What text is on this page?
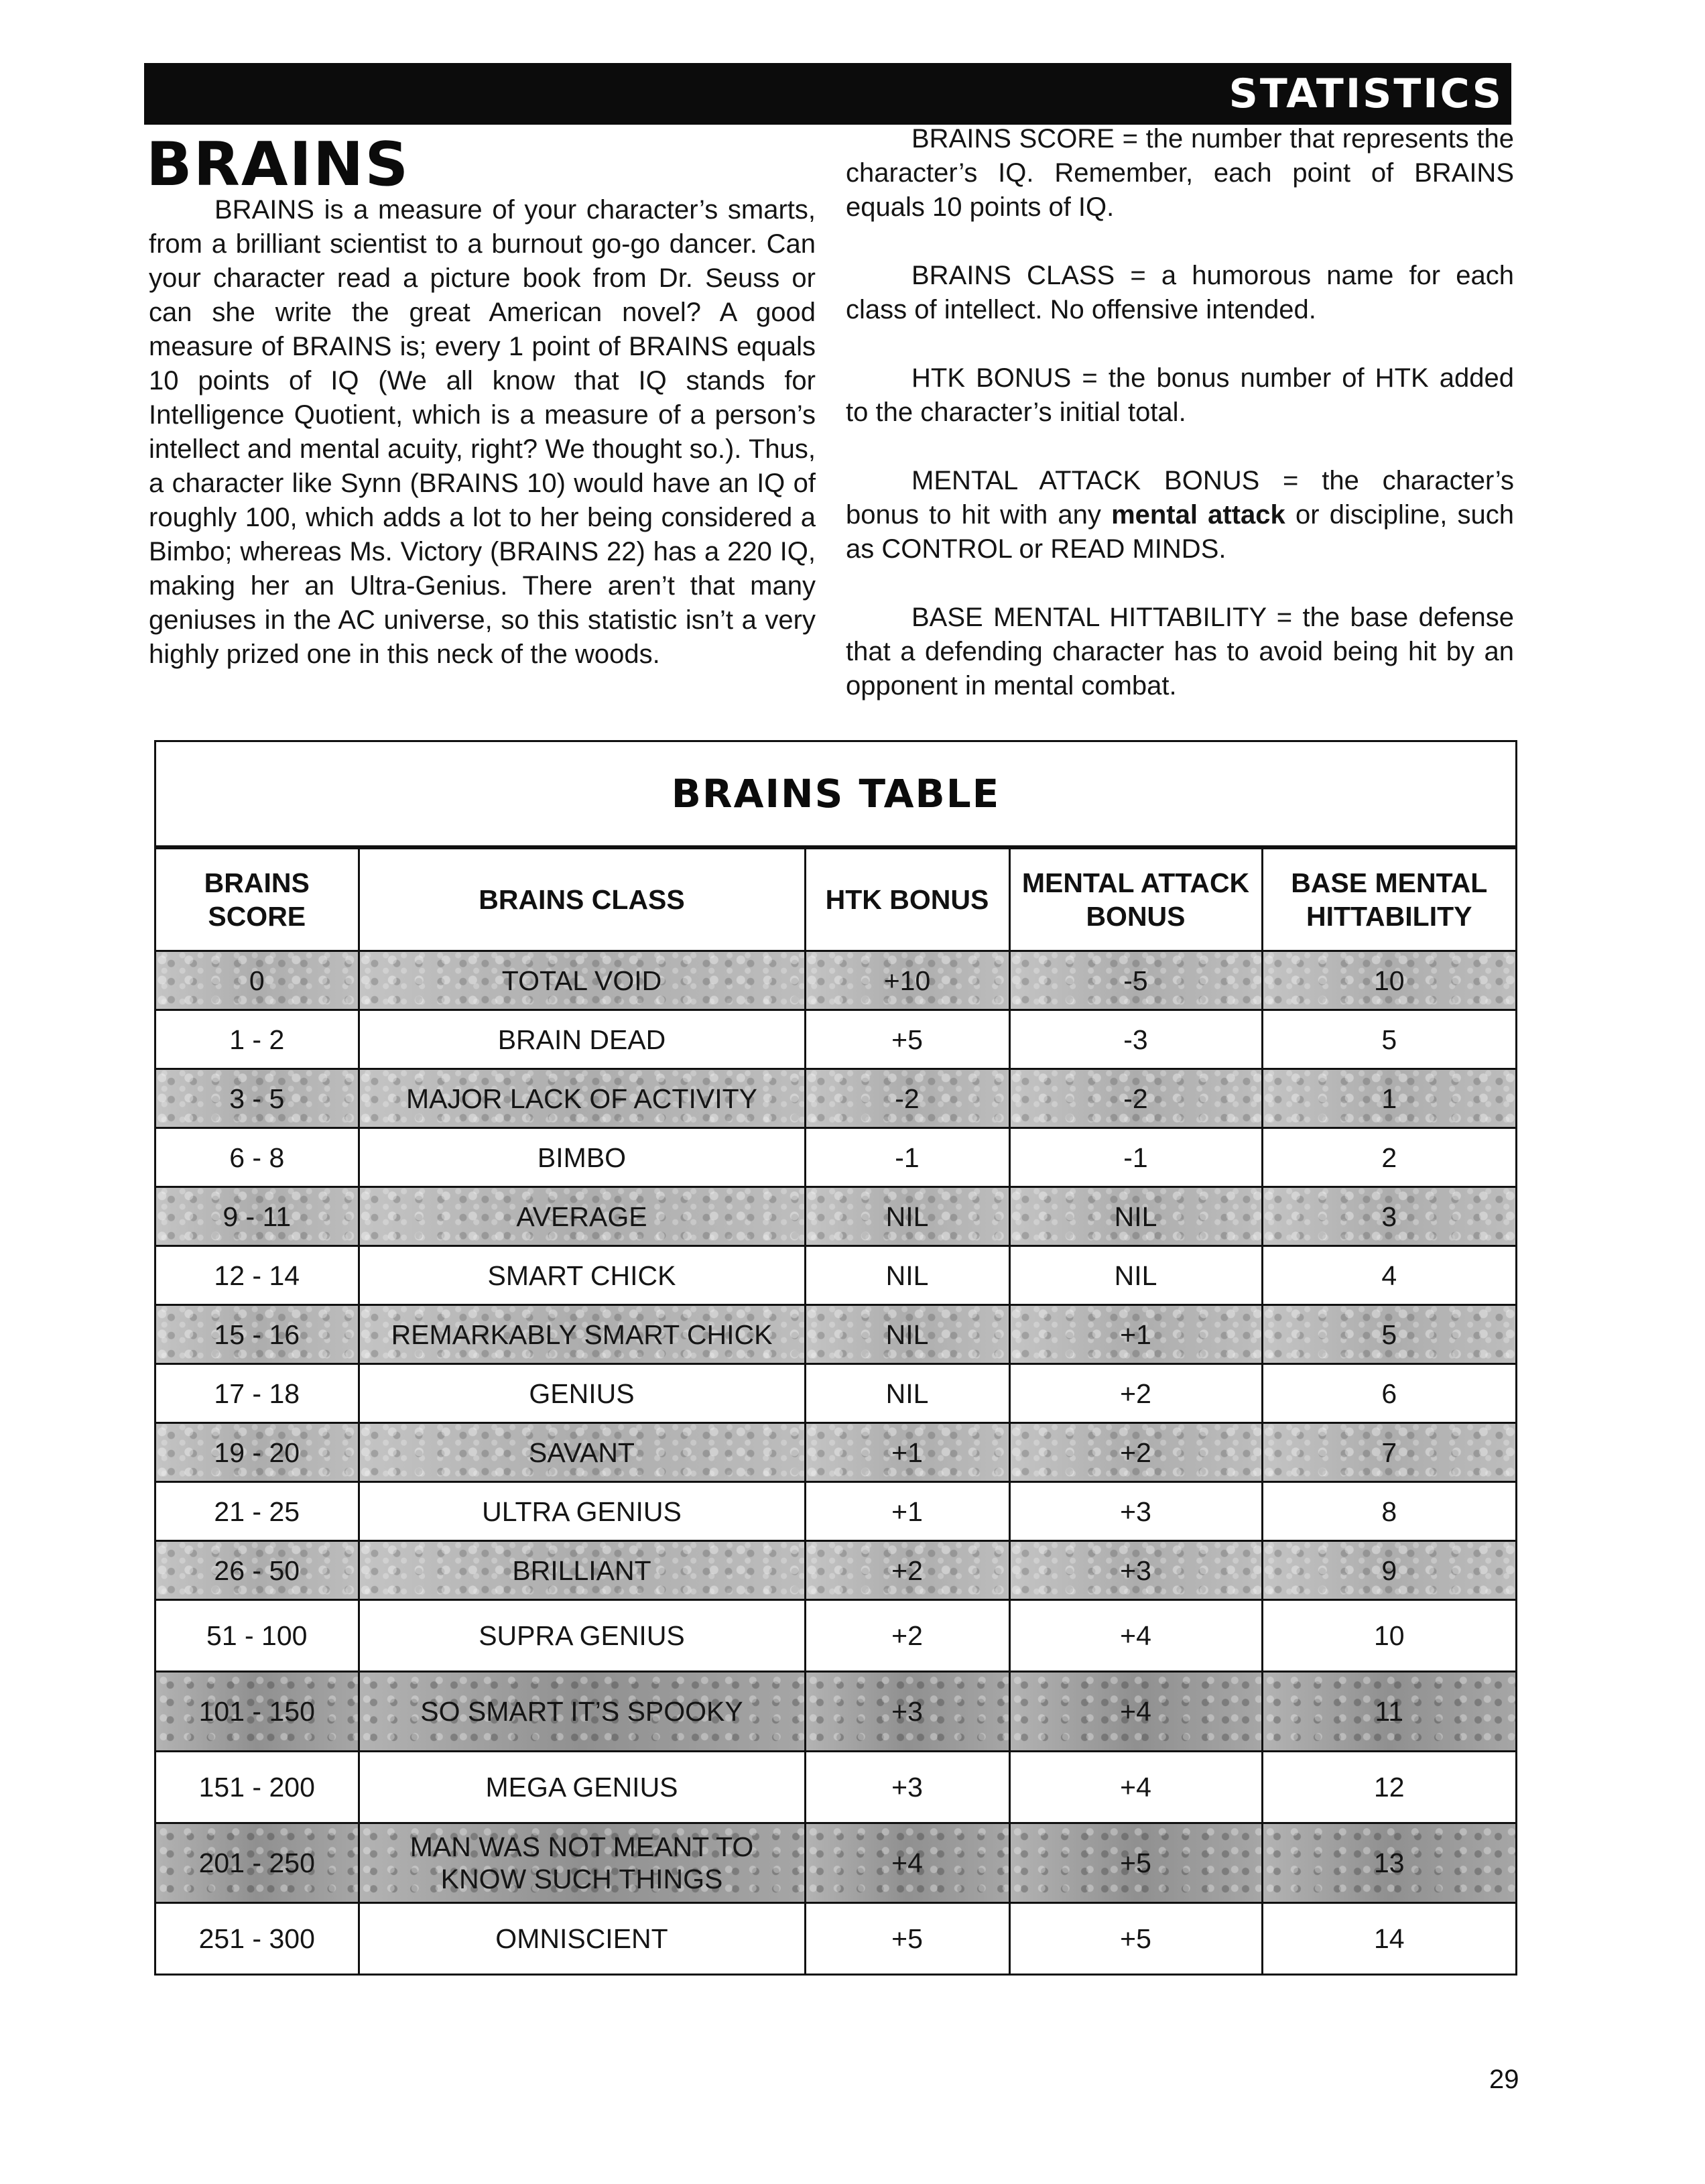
STATISTICS
BRAINS

BRAINS is a measure of your character’s smarts, from a brilliant scientist to a burnout go-go dancer. Can your character read a picture book from Dr. Seuss or can she write the great American novel? A good measure of BRAINS is; every 1 point of BRAINS equals 10 points of IQ (We all know that IQ stands for Intelligence Quotient, which is a measure of a person’s intellect and mental acuity, right? We thought so.). Thus, a character like Synn (BRAINS 10) would have an IQ of roughly 100, which adds a lot to her being considered a Bimbo; whereas Ms. Victory (BRAINS 22) has a 220 IQ, making her an Ultra-Genius. There aren’t that many geniuses in the AC universe, so this statistic isn’t a very highly prized one in this neck of the woods.

BRAINS SCORE = the number that represents the character’s IQ. Remember, each point of BRAINS equals 10 points of IQ.

BRAINS CLASS = a humorous name for each class of intellect. No offensive intended.

HTK BONUS = the bonus number of HTK added to the character’s initial total.

MENTAL ATTACK BONUS = the character’s bonus to hit with any mental attack or discipline, such as CONTROL or READ MINDS.

BASE MENTAL HITTABILITY = the base defense that a defending character has to avoid being hit by an opponent in mental combat.

BRAINS TABLE
BRAINS SCORE	BRAINS CLASS	HTK BONUS	MENTAL ATTACK BONUS	BASE MENTAL HITTABILITY
0	TOTAL VOID	+10	-5	10
1 - 2	BRAIN DEAD	+5	-3	5
3 - 5	MAJOR LACK OF ACTIVITY	-2	-2	1
6 - 8	BIMBO	-1	-1	2
9 - 11	AVERAGE	NIL	NIL	3
12 - 14	SMART CHICK	NIL	NIL	4
15 - 16	REMARKABLY SMART CHICK	NIL	+1	5
17 - 18	GENIUS	NIL	+2	6
19 - 20	SAVANT	+1	+2	7
21 - 25	ULTRA GENIUS	+1	+3	8
26 - 50	BRILLIANT	+2	+3	9
51 - 100	SUPRA GENIUS	+2	+4	10
101 - 150	SO SMART IT’S SPOOKY	+3	+4	11
151 - 200	MEGA GENIUS	+3	+4	12
201 - 250	MAN WAS NOT MEANT TO KNOW SUCH THINGS	+4	+5	13
251 - 300	OMNISCIENT	+5	+5	14
29
